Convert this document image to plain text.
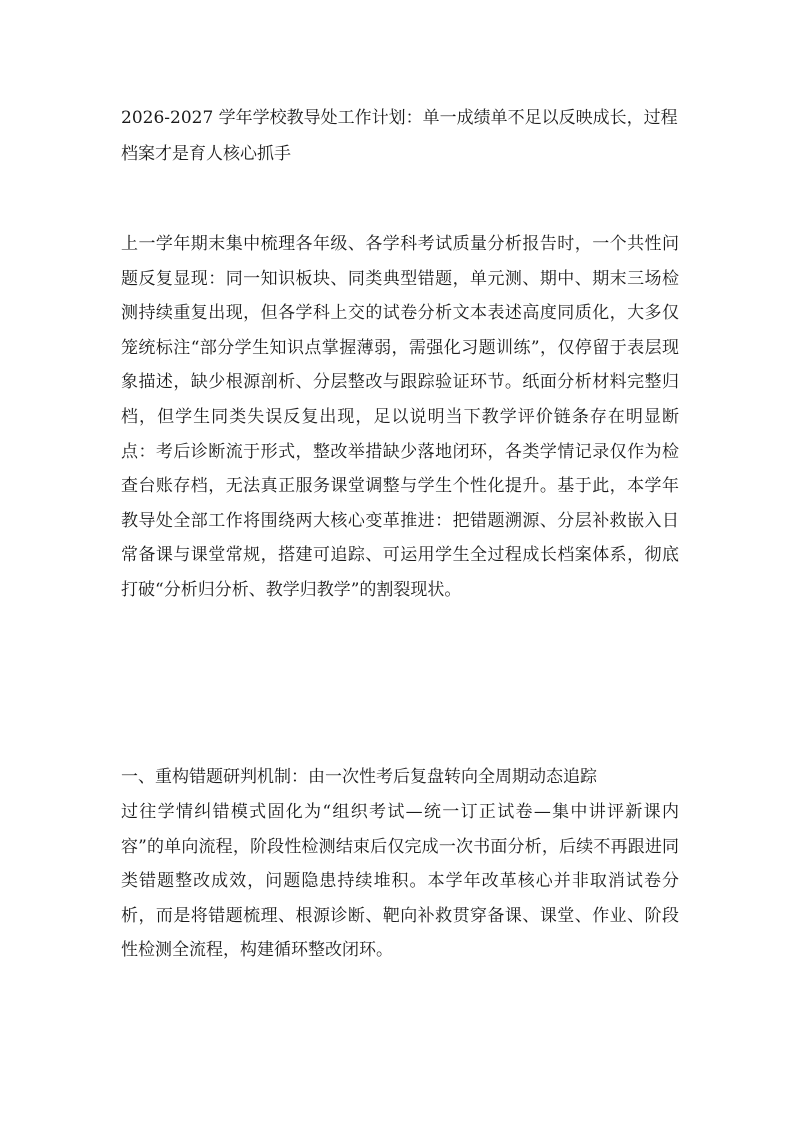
2026-2027 学年学校教导处工作计划：单一成绩单不足以反映成长，过程档案才是育人核心抓手

上一学年期末集中梳理各年级、各学科考试质量分析报告时，一个共性问题反复显现：同一知识板块、同类典型错题，单元测、期中、期末三场检测持续重复出现，但各学科上交的试卷分析文本表述高度同质化，大多仅笼统标注“部分学生知识点掌握薄弱，需强化习题训练”，仅停留于表层现象描述，缺少根源剖析、分层整改与跟踪验证环节。纸面分析材料完整归档，但学生同类失误反复出现，足以说明当下教学评价链条存在明显断点：考后诊断流于形式，整改举措缺少落地闭环，各类学情记录仅作为检查台账存档，无法真正服务课堂调整与学生个性化提升。基于此，本学年教导处全部工作将围绕两大核心变革推进：把错题溯源、分层补救嵌入日常备课与课堂常规，搭建可追踪、可运用学生全过程成长档案体系，彻底打破“分析归分析、教学归教学”的割裂现状。

一、重构错题研判机制：由一次性考后复盘转向全周期动态追踪

过往学情纠错模式固化为“组织考试—统一订正试卷—集中讲评新课内容”的单向流程，阶段性检测结束后仅完成一次书面分析，后续不再跟进同类错题整改成效，问题隐患持续堆积。本学年改革核心并非取消试卷分析，而是将错题梳理、根源诊断、靶向补救贯穿备课、课堂、作业、阶段性检测全流程，构建循环整改闭环。
